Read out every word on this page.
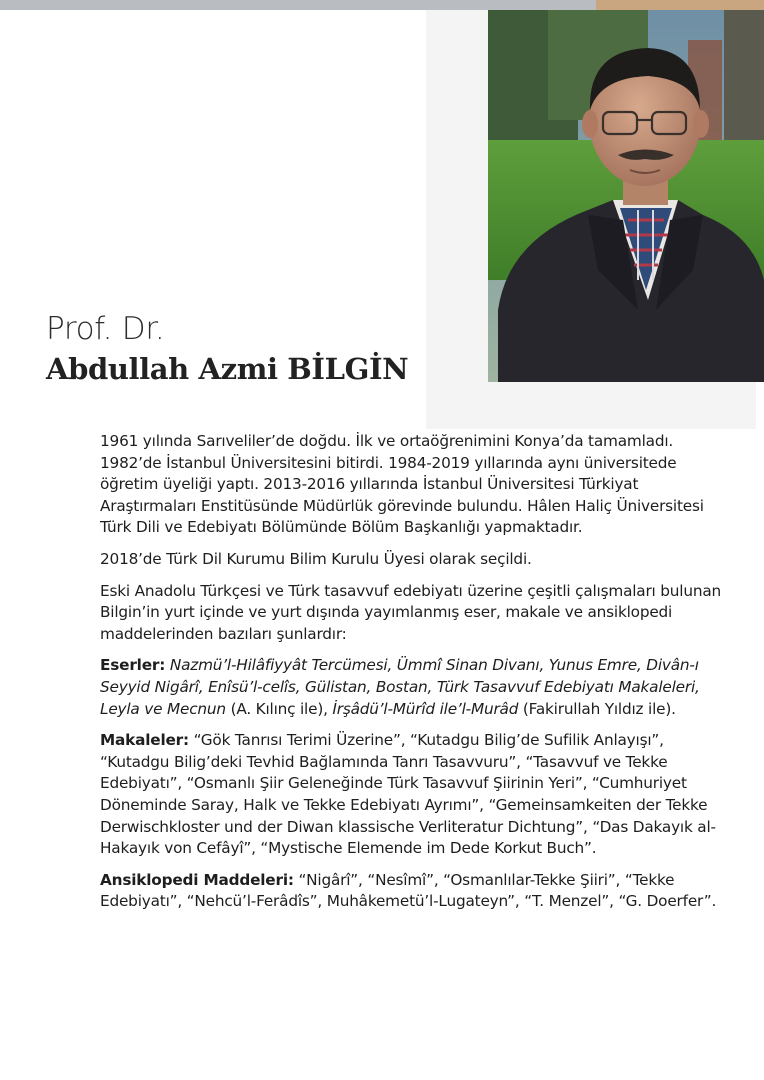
Prof. Dr.
Abdullah Azmi BİLGİN

1961 yılında Sarıveliler’de doğdu. İlk ve ortaöğrenimini Konya’da tamamladı. 1982’de İstanbul Üniversitesini bitirdi. 1984-2019 yıllarında aynı üniversitede öğretim üyeliği yaptı. 2013-2016 yıllarında İstanbul Üniversitesi Türkiyat Araştırmaları Enstitüsünde Müdürlük görevinde bulundu. Hâlen Haliç Üniversitesi Türk Dili ve Edebiyatı Bölümünde Bölüm Başkanlığı yapmaktadır.

2018’de Türk Dil Kurumu Bilim Kurulu Üyesi olarak seçildi.

Eski Anadolu Türkçesi ve Türk tasavvuf edebiyatı üzerine çeşitli çalışmaları bulunan Bilgin’in yurt içinde ve yurt dışında yayımlanmış eser, makale ve ansiklopedi maddelerinden bazıları şunlardır:

Eserler: Nazmü’l-Hilâfiyyât Tercümesi, Ümmî Sinan Divanı, Yunus Emre, Divân-ı Seyyid Nigârî, Enîsü’l-celîs, Gülistan, Bostan, Türk Tasavvuf Edebiyatı Makaleleri, Leyla ve Mecnun (A. Kılınç ile), İrşâdü’l-Mürîd ile’l-Murâd (Fakirullah Yıldız ile).

Makaleler: “Gök Tanrısı Terimi Üzerine”, “Kutadgu Bilig’de Sufilik Anlayışı”, “Kutadgu Bilig’deki Tevhid Bağlamında Tanrı Tasavvuru”, “Tasavvuf ve Tekke Edebiyatı”, “Osmanlı Şiir Geleneğinde Türk Tasavvuf Şiirinin Yeri”, “Cumhuriyet Döneminde Saray, Halk ve Tekke Edebiyatı Ayrımı”, “Gemeinsamkeiten der Tekke Derwischkloster und der Diwan klassische Verliteratur Dichtung”, “Das Dakayık al-Hakayık von Cefâyî”, “Mystische Elemende im Dede Korkut Buch”.

Ansiklopedi Maddeleri: “Nigârî”, “Nesîmî”, “Osmanlılar-Tekke Şiiri”, “Tekke Edebiyatı”, “Nehcü’l-Ferâdîs”, Muhâkemetü’l-Lugateyn”, “T. Menzel”, “G. Doerfer”.
